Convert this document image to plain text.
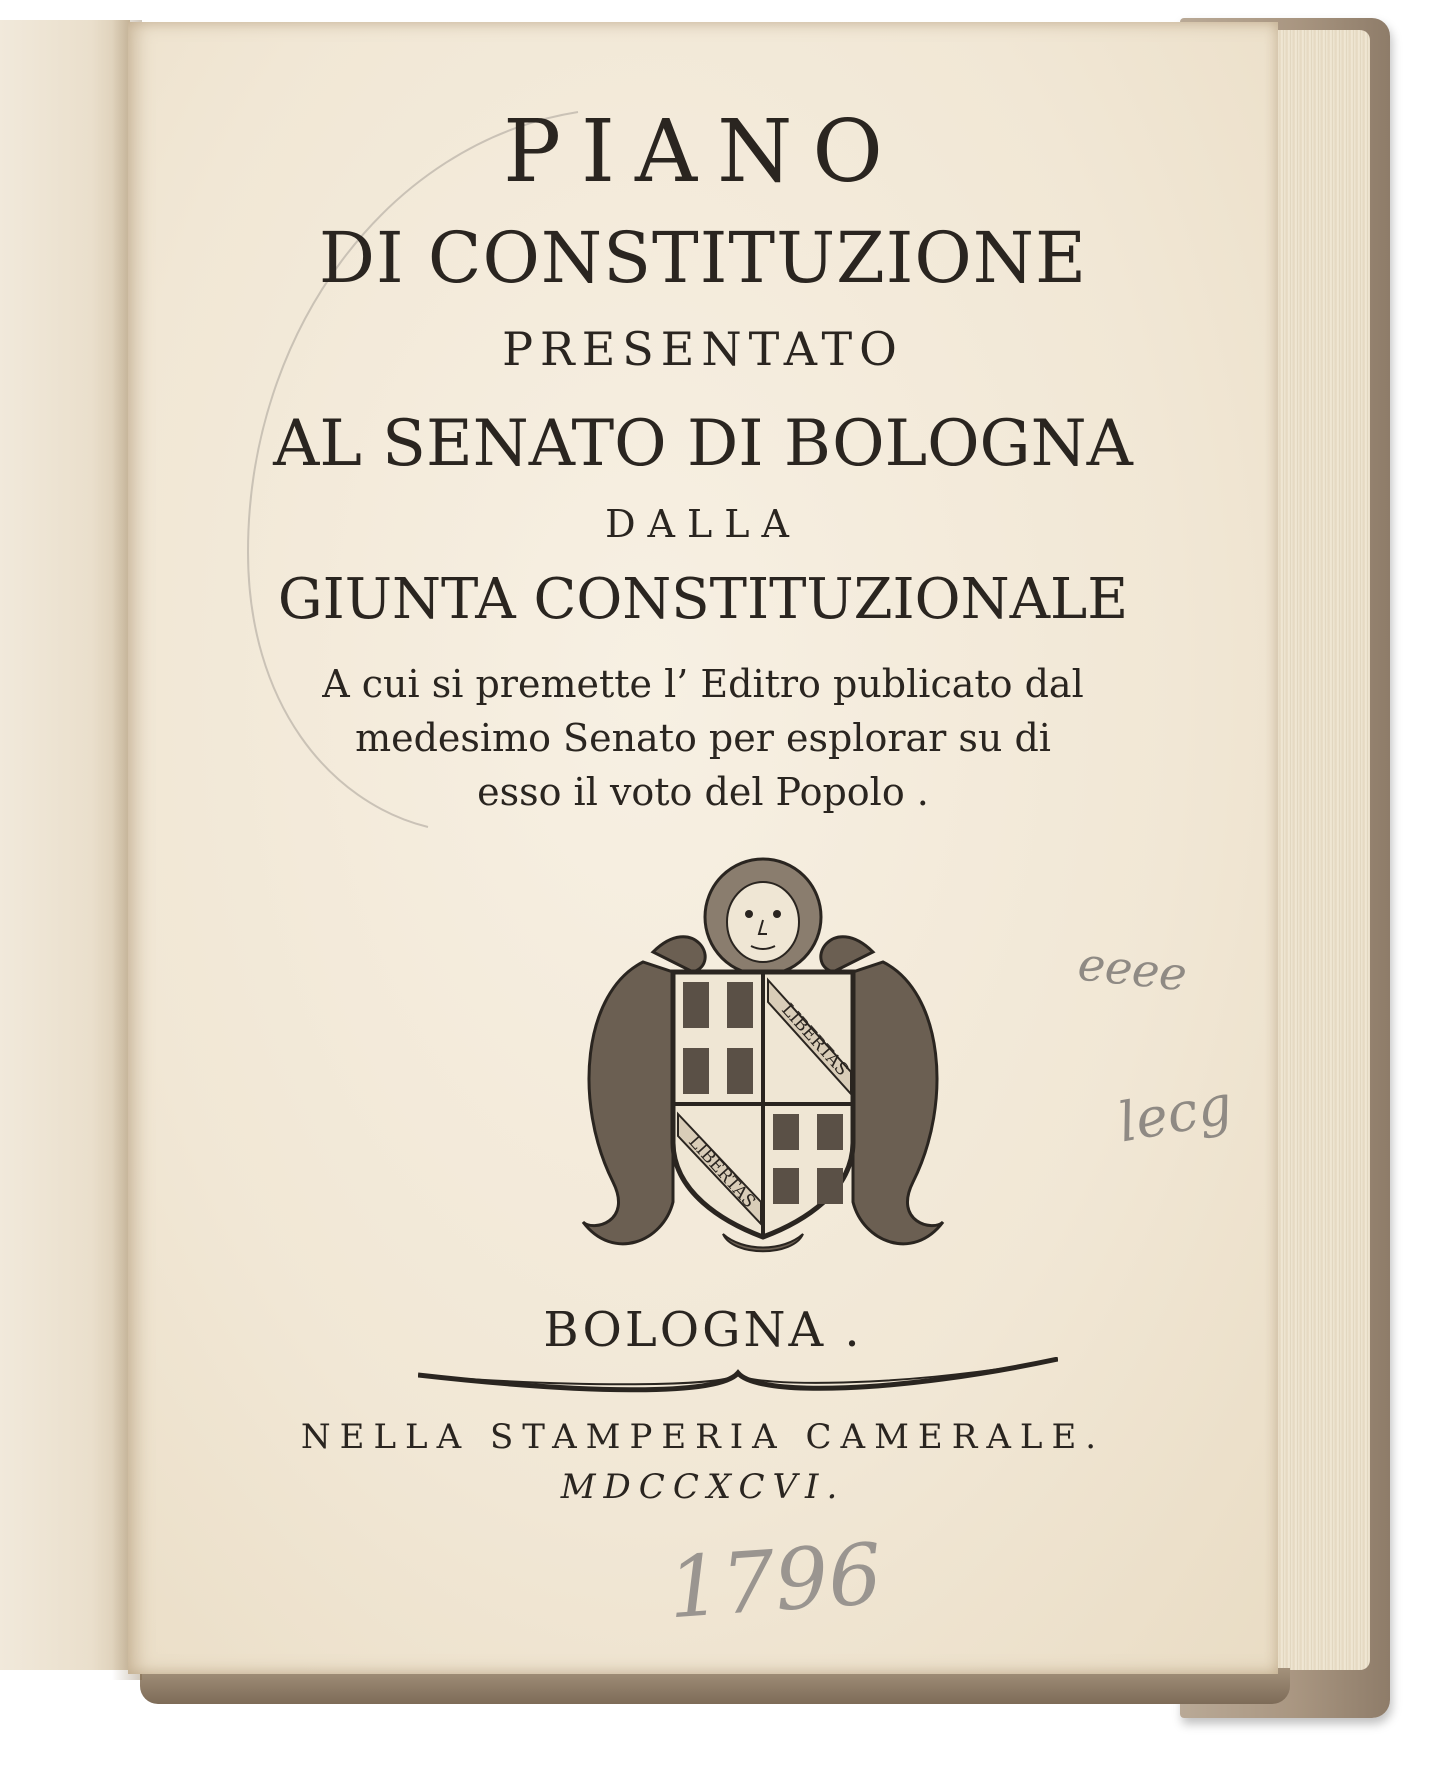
PIANO
DI CONSTITUZIONE
PRESENTATO
AL SENATO DI BOLOGNA
DALLA
GIUNTA CONSTITUZIONALE
A cui si premette l’ Editro publicato dal
medesimo Senato per esplorar su di
esso il voto del Popolo .
LIBERTAS
LIBERTAS
BOLOGNA .
NELLA STAMPERIA CAMERALE.
MDCCXCVI.
1796
eeee
lecg
